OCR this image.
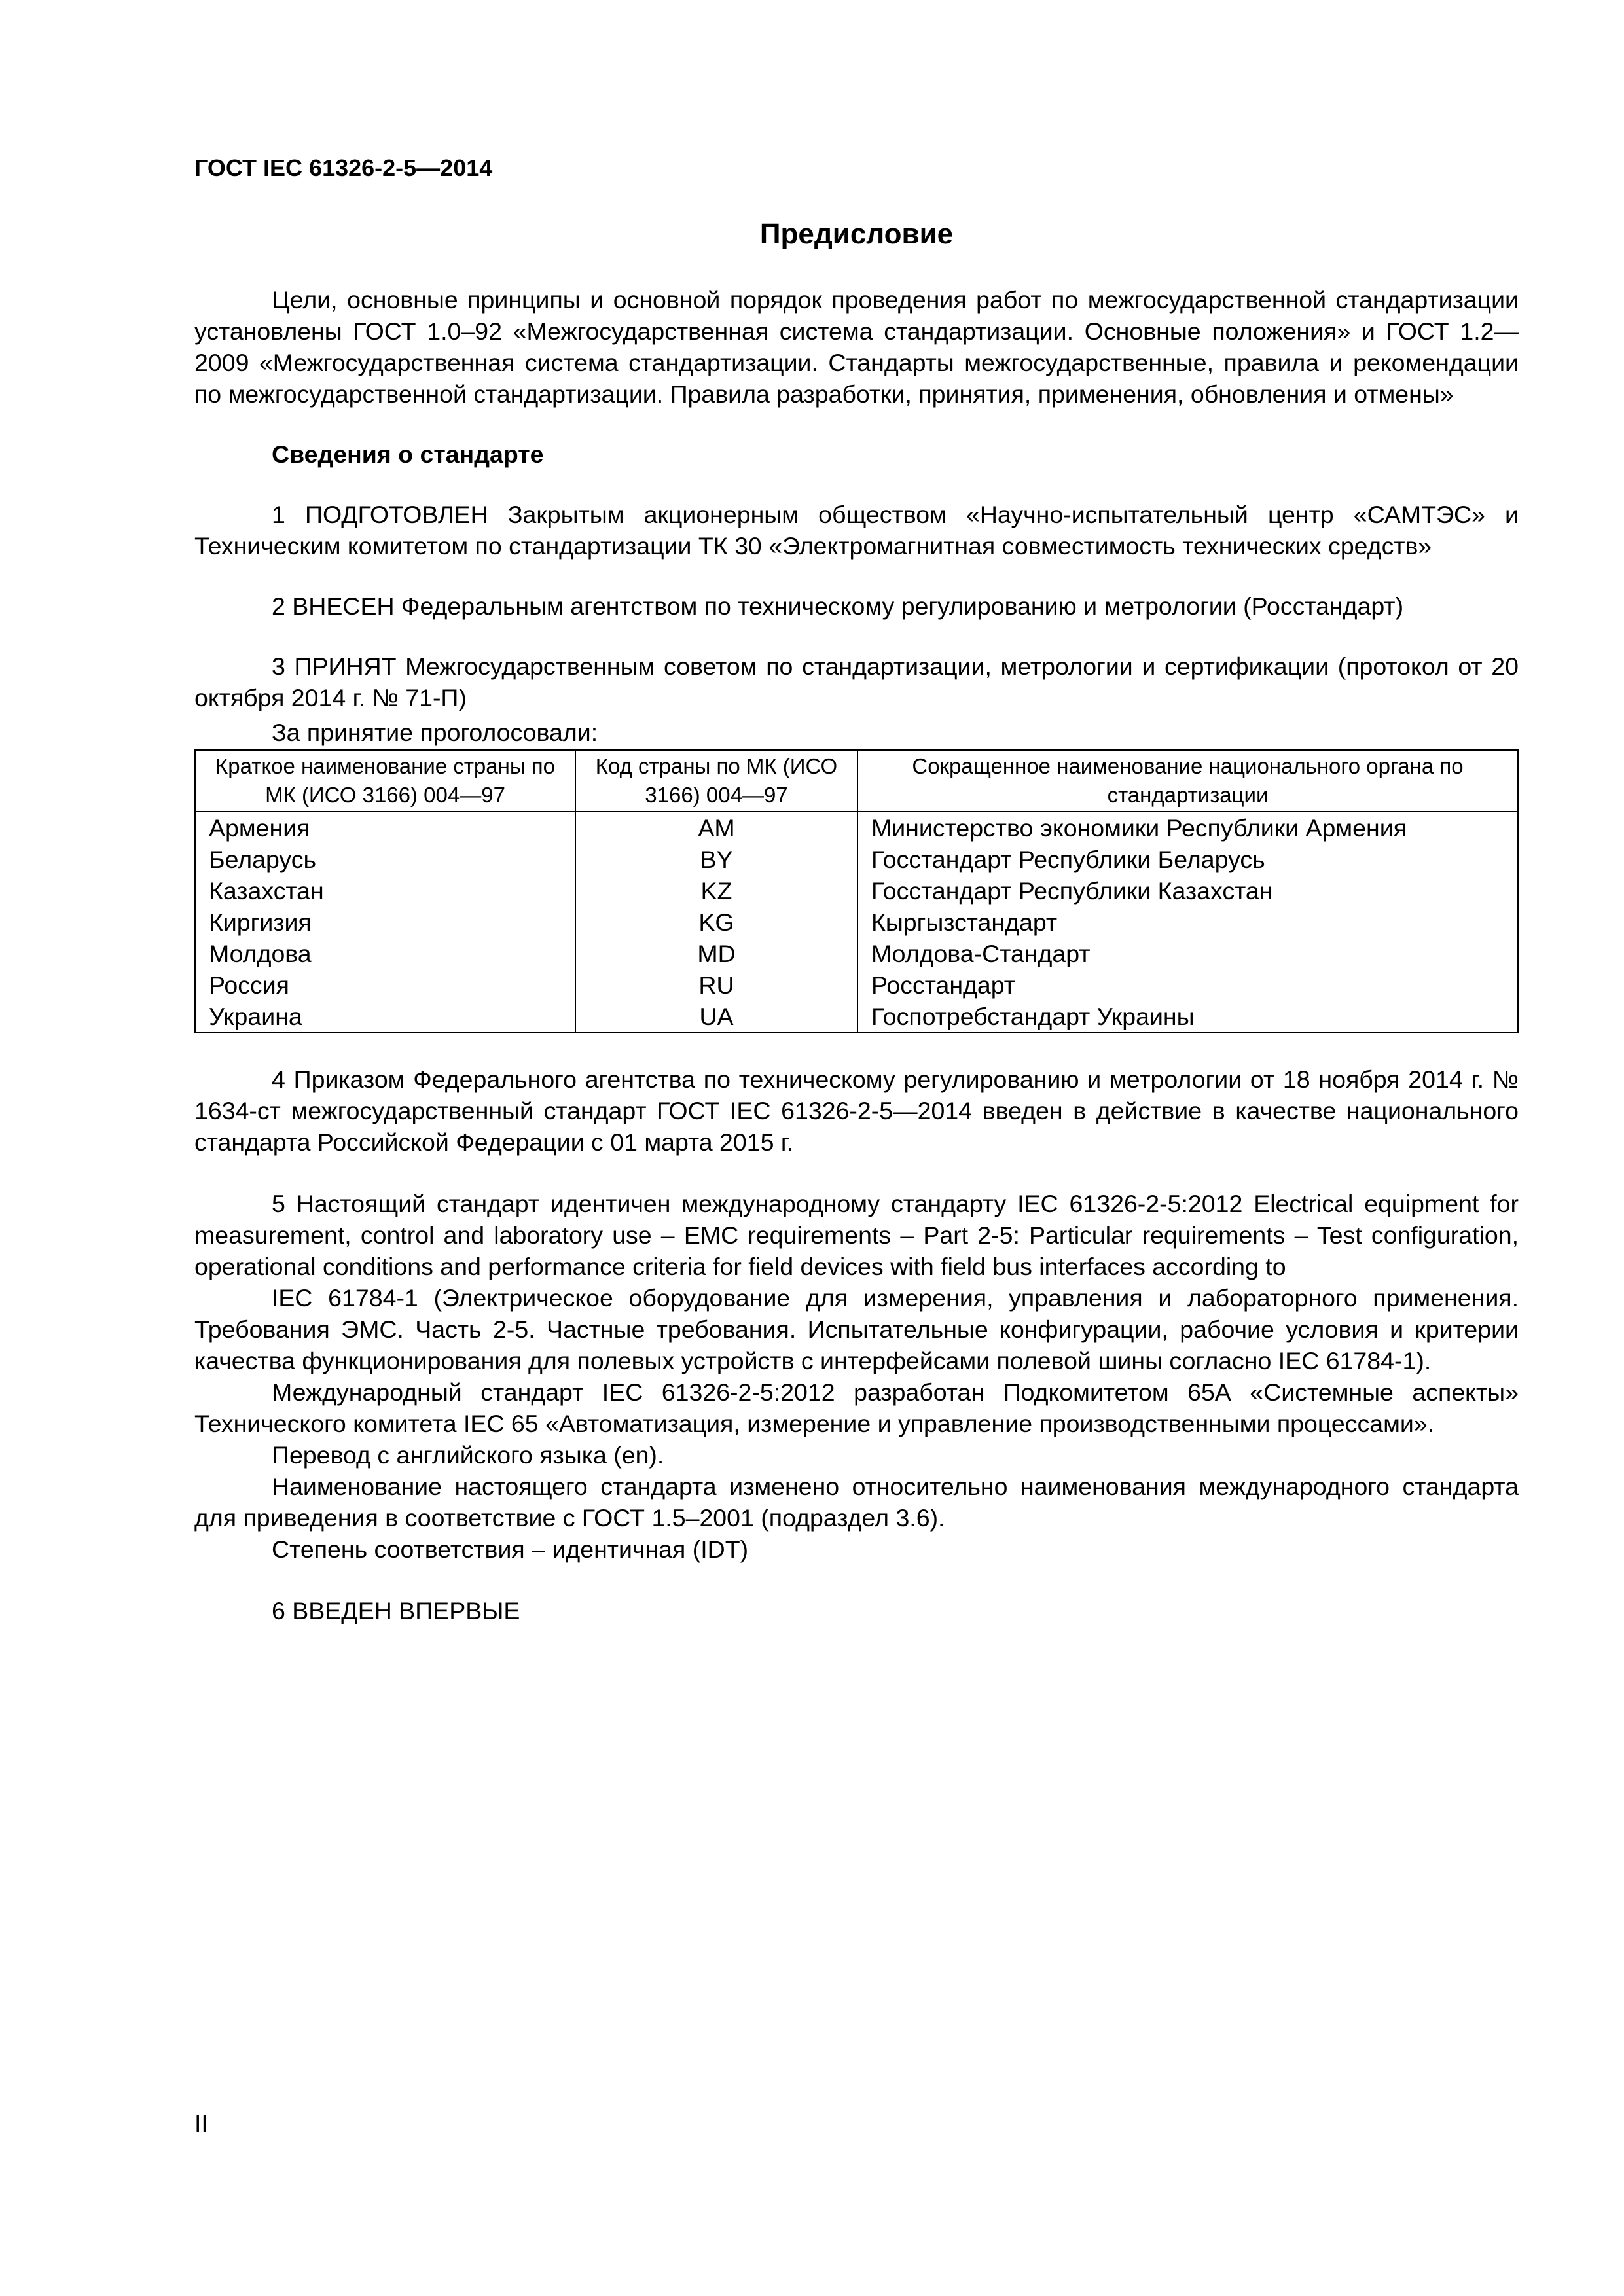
ГОСТ IEC 61326-2-5—2014
Предисловие

Цели, основные принципы и основной порядок проведения работ по межгосударственной стандартизации установлены ГОСТ 1.0–92 «Межгосударственная система стандартизации. Основные положения» и ГОСТ 1.2—2009 «Межгосударственная система стандартизации. Стандарты межгосударственные, правила и рекомендации по межгосударственной стандартизации. Правила разработки, принятия, применения, обновления и отмены»

Сведения о стандарте

1 ПОДГОТОВЛЕН Закрытым акционерным обществом «Научно-испытательный центр «САМТЭС» и Техническим комитетом по стандартизации ТК 30 «Электромагнитная совместимость технических средств»

2 ВНЕСЕН Федеральным агентством по техническому регулированию и метрологии (Росстандарт)

3 ПРИНЯТ Межгосударственным советом по стандартизации, метрологии и сертификации (протокол от 20 октября 2014 г. № 71-П)

За принятие проголосовали:

Краткое наименование страны по МК (ИСО 3166) 004—97	Код страны по МК (ИСО 3166) 004—97	Сокращенное наименование национального органа по стандартизации
Армения	AM	Министерство экономики Республики Армения
Беларусь	BY	Госстандарт Республики Беларусь
Казахстан	KZ	Госстандарт Республики Казахстан
Киргизия	KG	Кыргызстандарт
Молдова	MD	Молдова-Стандарт
Россия	RU	Росстандарт
Украина	UA	Госпотребстандарт Украины

4 Приказом Федерального агентства по техническому регулированию и метрологии от 18 ноября 2014 г. № 1634-ст межгосударственный стандарт ГОСТ IEC 61326-2-5—2014 введен в действие в качестве национального стандарта Российской Федерации с 01 марта 2015 г.

5 Настоящий стандарт идентичен международному стандарту IEC 61326-2-5:2012 Electrical equipment for measurement, control and laboratory use – EMC requirements – Part 2-5: Particular requirements – Test configuration, operational conditions and performance criteria for field devices with field bus interfaces according to

IEC 61784-1 (Электрическое оборудование для измерения, управления и лабораторного применения. Требования ЭМС. Часть 2-5. Частные требования. Испытательные конфигурации, рабочие условия и критерии качества функционирования для полевых устройств с интерфейсами полевой шины согласно IEC 61784-1).

Международный стандарт IEC 61326-2-5:2012 разработан Подкомитетом 65А «Системные аспекты» Технического комитета IEC 65 «Автоматизация, измерение и управление производственными процессами».

Перевод с английского языка (en).

Наименование настоящего стандарта изменено относительно наименования международного стандарта для приведения в соответствие с ГОСТ 1.5–2001 (подраздел 3.6).

Степень соответствия – идентичная (IDT)

6 ВВЕДЕН ВПЕРВЫЕ

II
